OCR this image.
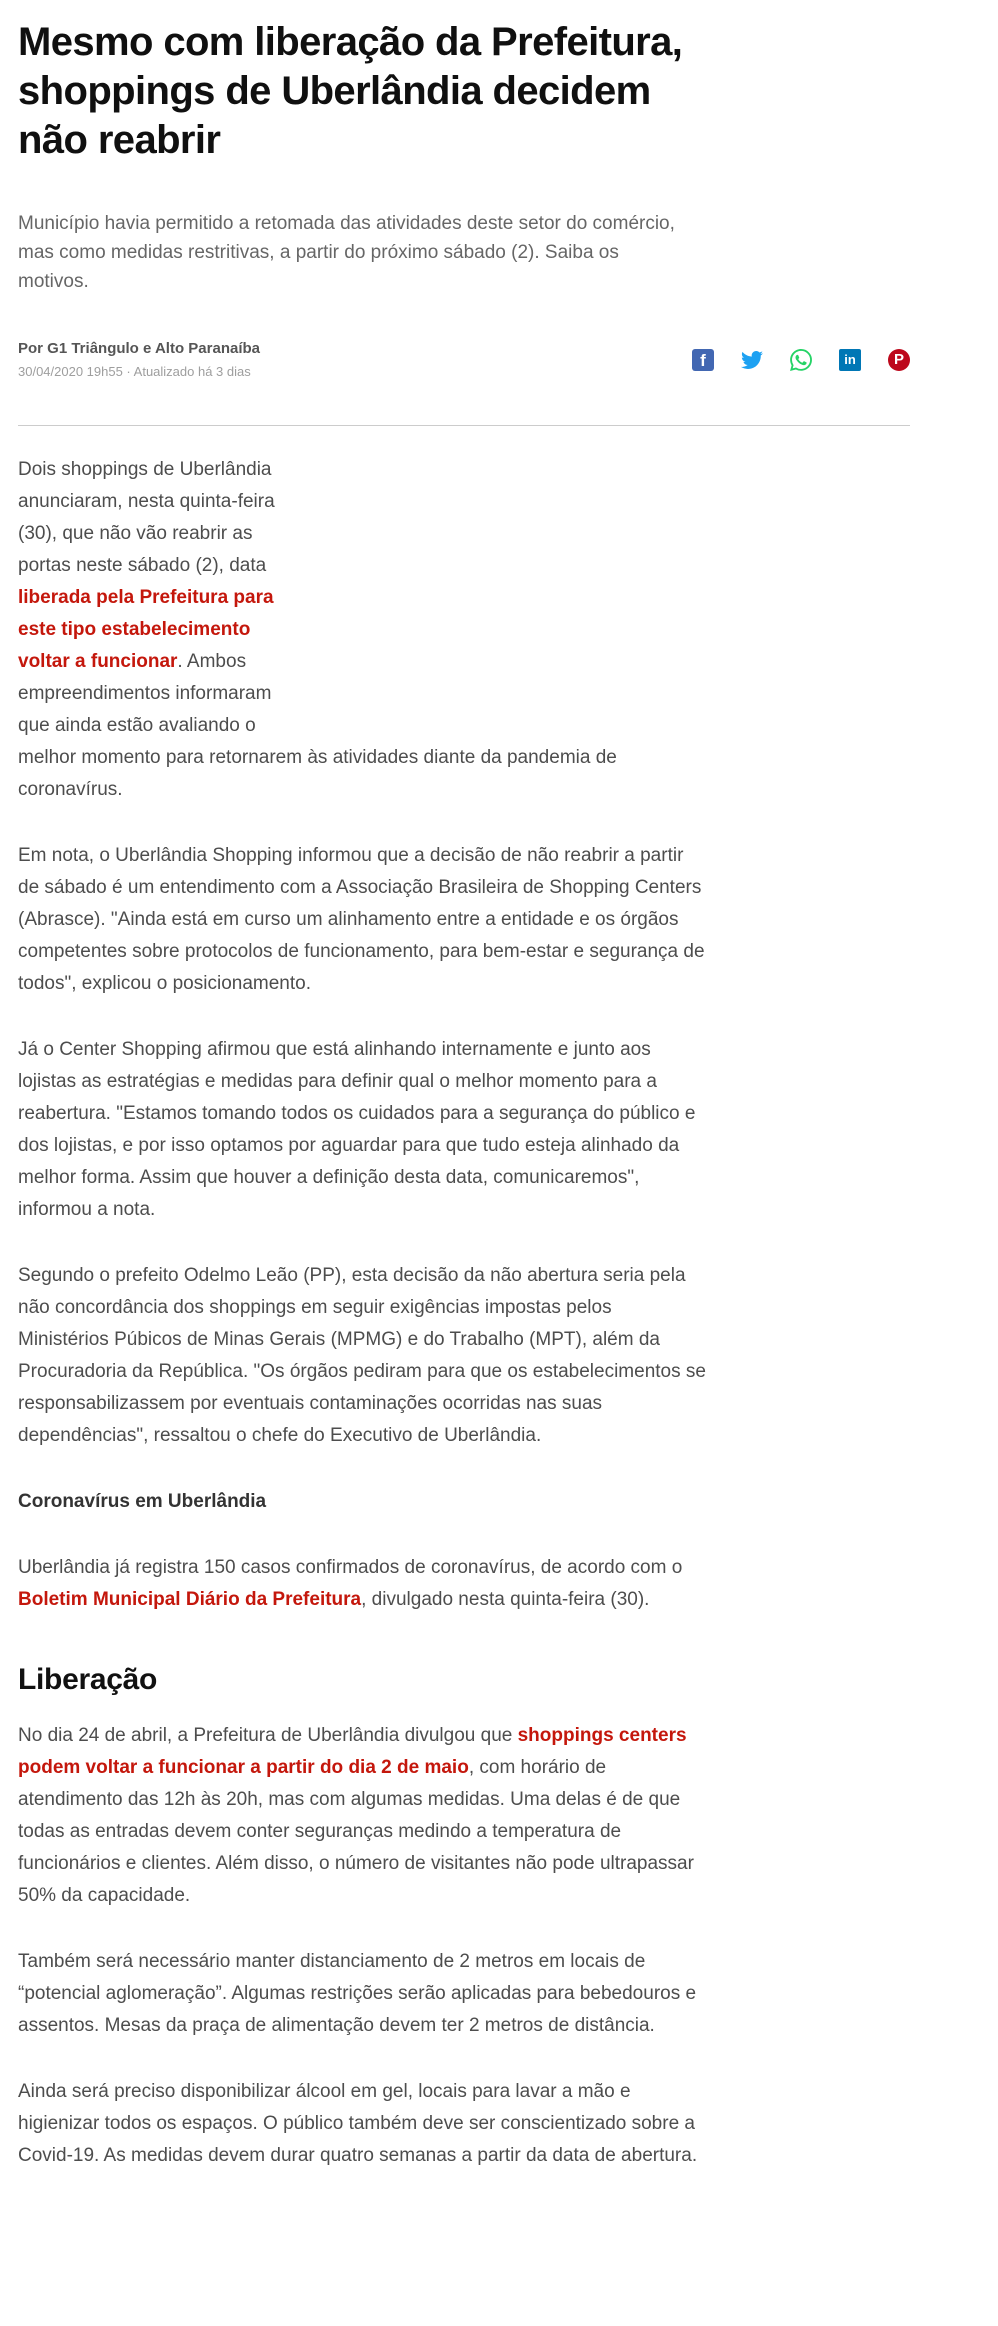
Mesmo com liberação da Prefeitura, shoppings de Uberlândia decidem não reabrir

Município havia permitido a retomada das atividades deste setor do comércio, mas como medidas restritivas, a partir do próximo sábado (2). Saiba os motivos.

Por G1 Triângulo e Alto Paranaíba
30/04/2020 19h55 · Atualizado há 3 dias
f	in	P

Dois shoppings de Uberlândia anunciaram, nesta quinta-feira (30), que não vão reabrir as portas neste sábado (2), data liberada pela Prefeitura para este tipo estabelecimento voltar a funcionar. Ambos empreendimentos informaram que ainda estão avaliando o melhor momento para retornarem às atividades diante da pandemia de coronavírus.

Em nota, o Uberlândia Shopping informou que a decisão de não reabrir a partir de sábado é um entendimento com a Associação Brasileira de Shopping Centers (Abrasce). "Ainda está em curso um alinhamento entre a entidade e os órgãos competentes sobre protocolos de funcionamento, para bem-estar e segurança de todos", explicou o posicionamento.

Já o Center Shopping afirmou que está alinhando internamente e junto aos lojistas as estratégias e medidas para definir qual o melhor momento para a reabertura. "Estamos tomando todos os cuidados para a segurança do público e dos lojistas, e por isso optamos por aguardar para que tudo esteja alinhado da melhor forma. Assim que houver a definição desta data, comunicaremos", informou a nota.

Segundo o prefeito Odelmo Leão (PP), esta decisão da não abertura seria pela não concordância dos shoppings em seguir exigências impostas pelos Ministérios Púbicos de Minas Gerais (MPMG) e do Trabalho (MPT), além da Procuradoria da República. "Os órgãos pediram para que os estabelecimentos se responsabilizassem por eventuais contaminações ocorridas nas suas dependências", ressaltou o chefe do Executivo de Uberlândia.

Coronavírus em Uberlândia

Uberlândia já registra 150 casos confirmados de coronavírus, de acordo com o Boletim Municipal Diário da Prefeitura, divulgado nesta quinta-feira (30).

Liberação

No dia 24 de abril, a Prefeitura de Uberlândia divulgou que shoppings centers podem voltar a funcionar a partir do dia 2 de maio, com horário de atendimento das 12h às 20h, mas com algumas medidas. Uma delas é de que todas as entradas devem conter seguranças medindo a temperatura de funcionários e clientes. Além disso, o número de visitantes não pode ultrapassar 50% da capacidade.

Também será necessário manter distanciamento de 2 metros em locais de “potencial aglomeração”. Algumas restrições serão aplicadas para bebedouros e assentos. Mesas da praça de alimentação devem ter 2 metros de distância.

Ainda será preciso disponibilizar álcool em gel, locais para lavar a mão e higienizar todos os espaços. O público também deve ser conscientizado sobre a Covid-19. As medidas devem durar quatro semanas a partir da data de abertura.
